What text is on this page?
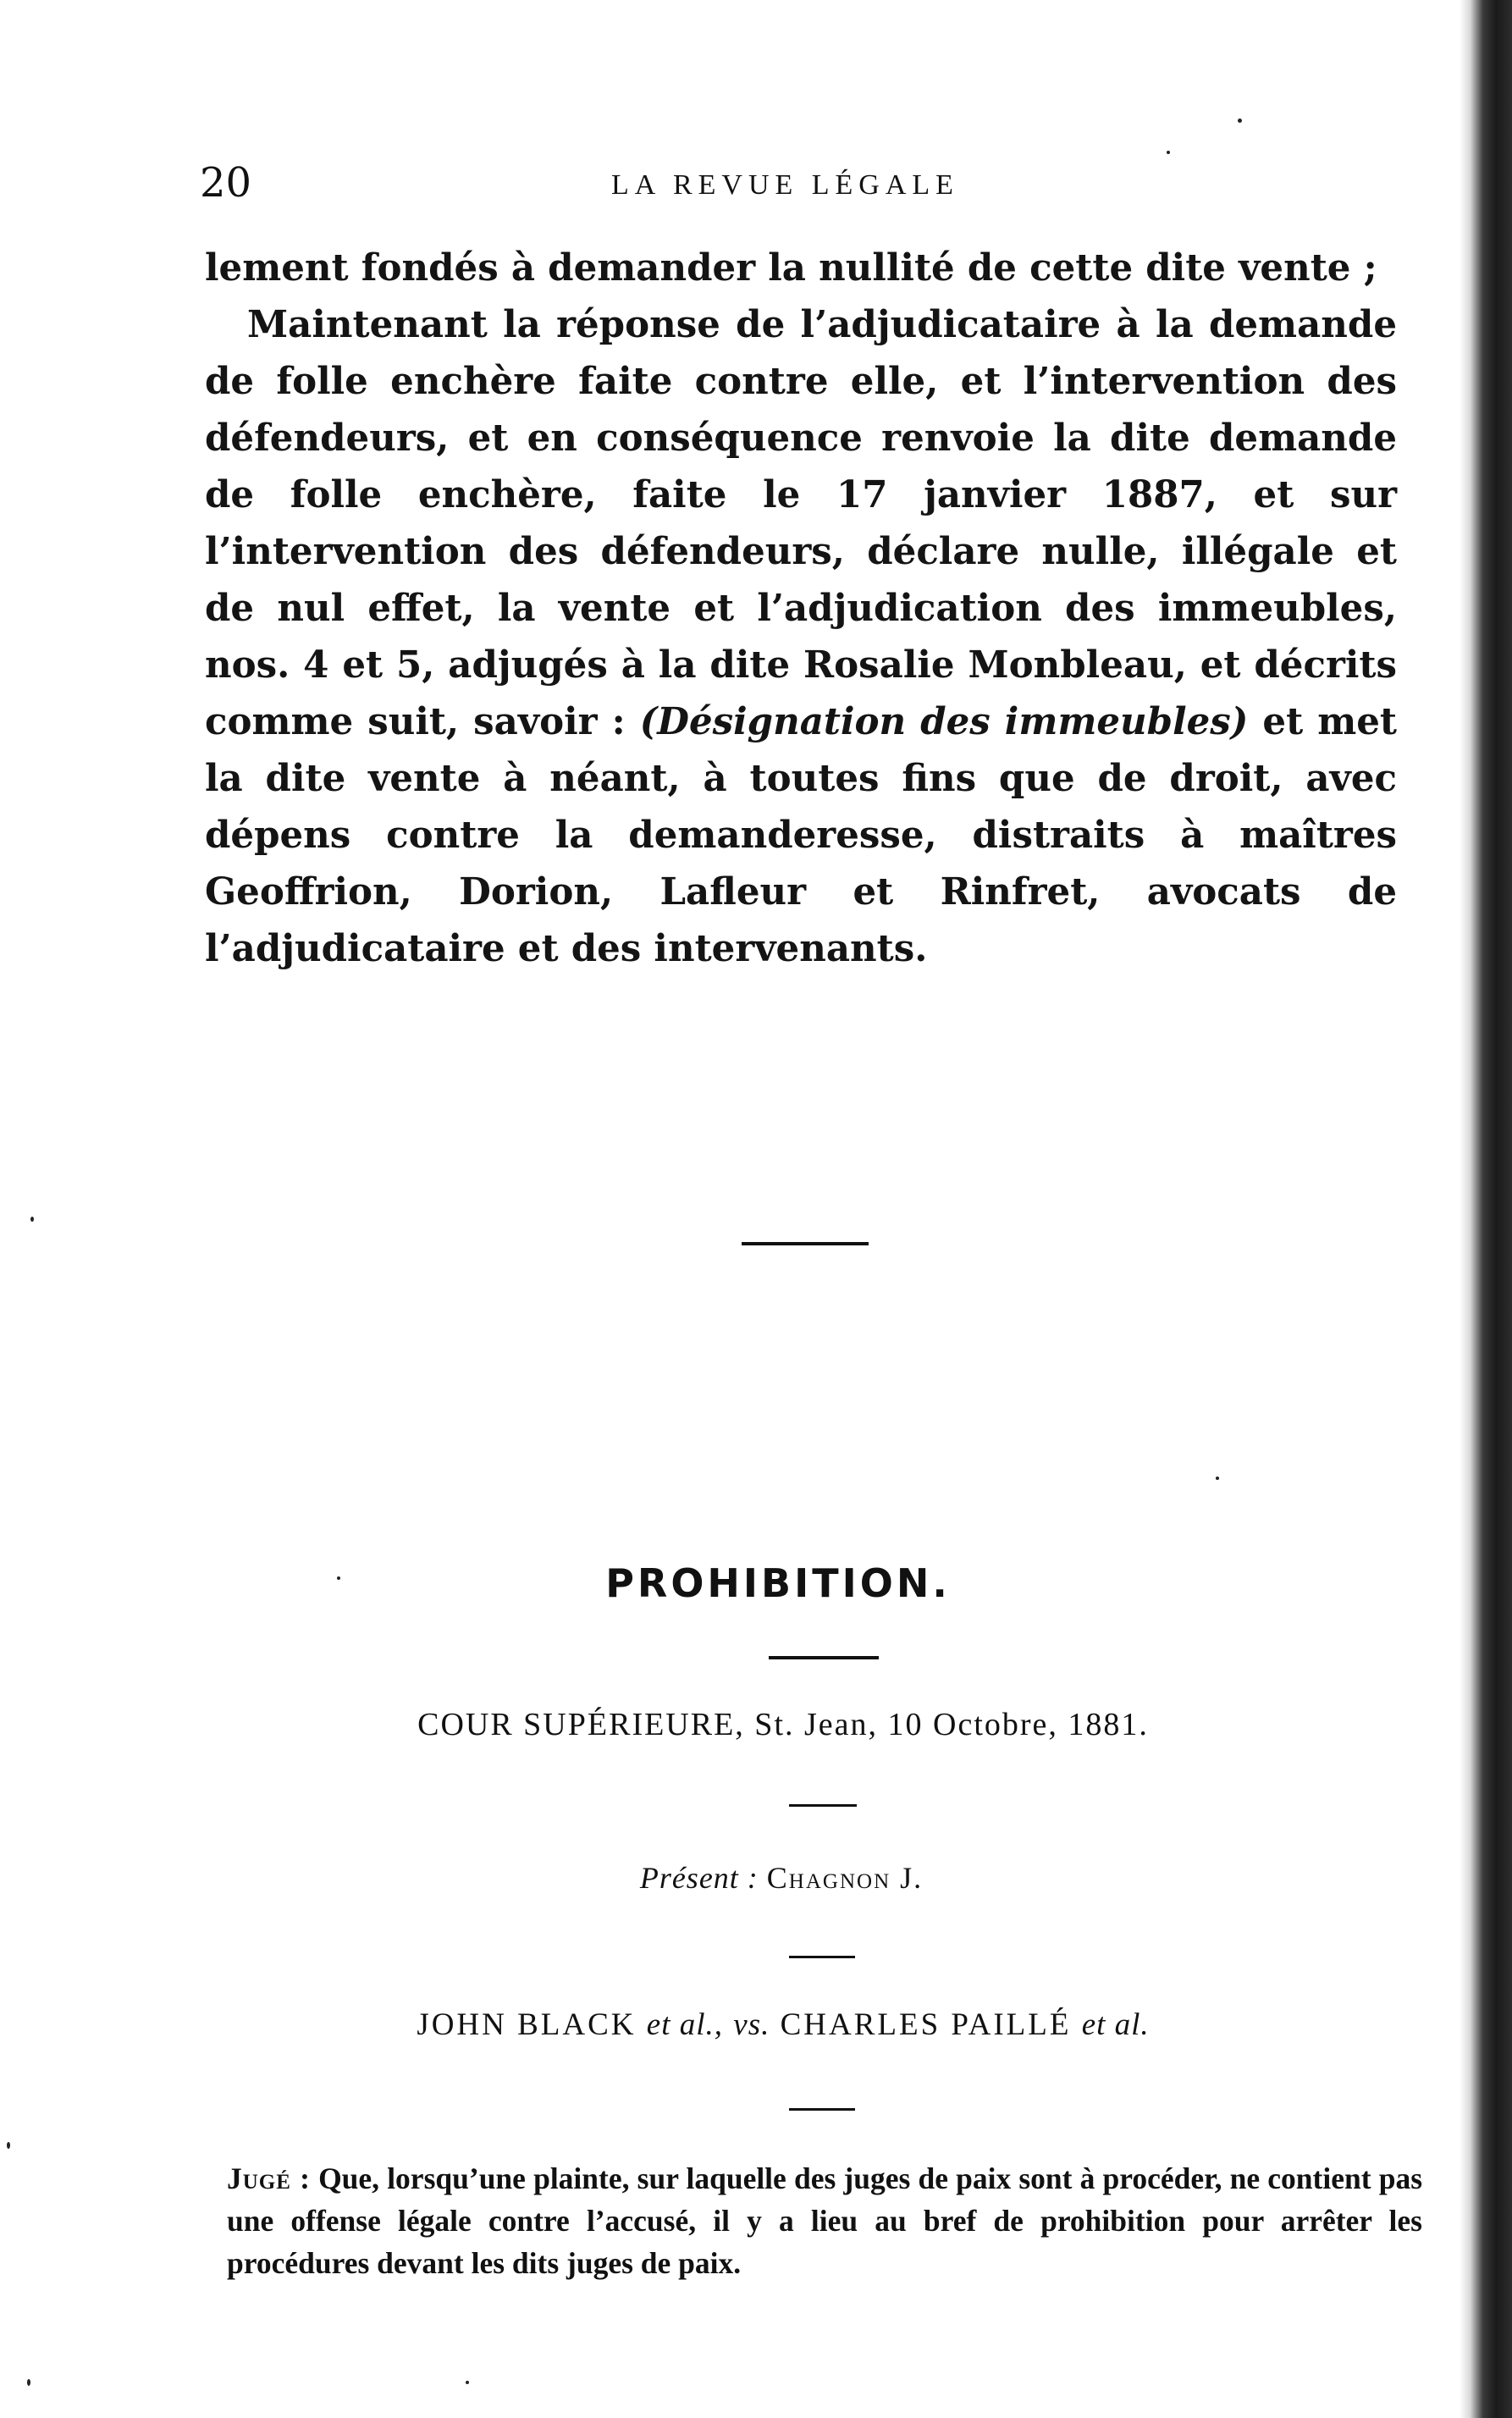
20	LA REVUE LÉGALE

lement fondés à demander la nullité de cette dite vente ;

Maintenant la réponse de l’adjudicataire à la demande de folle enchère faite contre elle, et l’intervention des défendeurs, et en conséquence renvoie la dite demande de folle enchère, faite le 17 janvier 1887, et sur l’intervention des défendeurs, déclare nulle, illégale et de nul effet, la vente et l’adjudication des immeubles, nos. 4 et 5, adjugés à la dite Rosalie Monbleau, et décrits comme suit, savoir : (Désignation des immeubles) et met la dite vente à néant, à toutes fins que de droit, avec dépens contre la demanderesse, distraits à maîtres Geoffrion, Dorion, Lafleur et Rinfret, avocats de l’adjudicataire et des intervenants.

PROHIBITION.
COUR SUPÉRIEURE, St. Jean, 10 Octobre, 1881.
Présent : Chagnon J.
JOHN BLACK et al., vs. CHARLES PAILLÉ et al.

Jugé : Que, lorsqu’une plainte, sur laquelle des juges de paix sont à procéder, ne contient pas une offense légale contre l’accusé, il y a lieu au bref de prohibition pour arrêter les procédures devant les dits juges de paix.
